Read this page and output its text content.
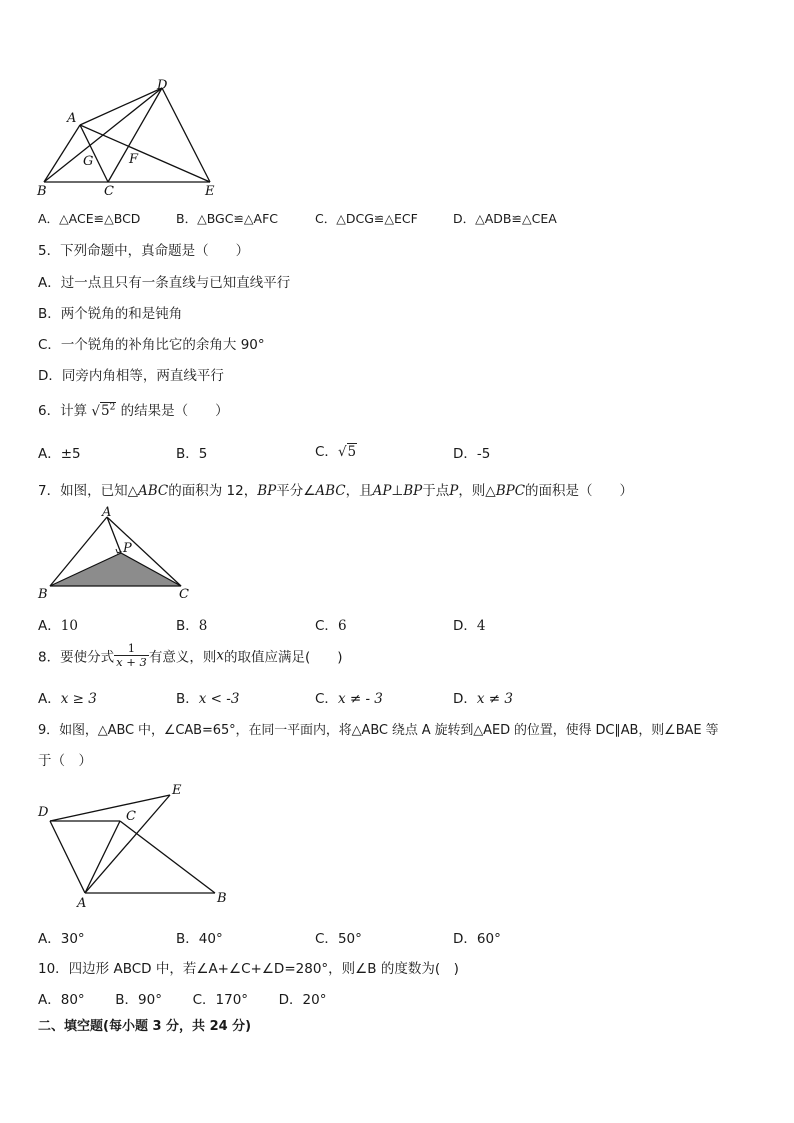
D
A
G	F
B	C	E
A．△ACE≌△BCD	B．△BGC≌△AFC	C．△DCG≌△ECF	D．△ADB≌△CEA
5．下列命题中，真命题是（　　）
A．过一点且只有一条直线与已知直线平行
B．两个锐角的和是钝角
C．一个锐角的补角比它的余角大 90°
D．同旁内角相等，两直线平行
6．计算 $√5^2$ 的结果是（　　）
A．±5	B．5	C．√5	D．-5
7．如图，已知△ABC的面积为 12，BP平分∠ABC，且AP⊥BP于点P，则△BPC的面积是（　　）
A
P
B	C
A．10	B．8	C．6	D．4
8．要使分式 $\frac{1}{x + 3}$ 有意义，则x的取值应满足(　　)
A．x ≥ 3	B．x < -3	C．x ≠ - 3	D．x ≠ 3
9．如图，△ABC 中，∠CAB=65°，在同一平面内，将△ABC 绕点 A 旋转到△AED 的位置，使得 DC∥AB，则∠BAE 等
于（　）
E
D	C
A	B
A．30°	B．40°	C．50°	D．60°
10．四边形 ABCD 中，若∠A+∠C+∠D=280°，则∠B 的度数为(　)
A．80° B．90° C．170° D．20°
二、填空题(每小题 3 分，共 24 分)
